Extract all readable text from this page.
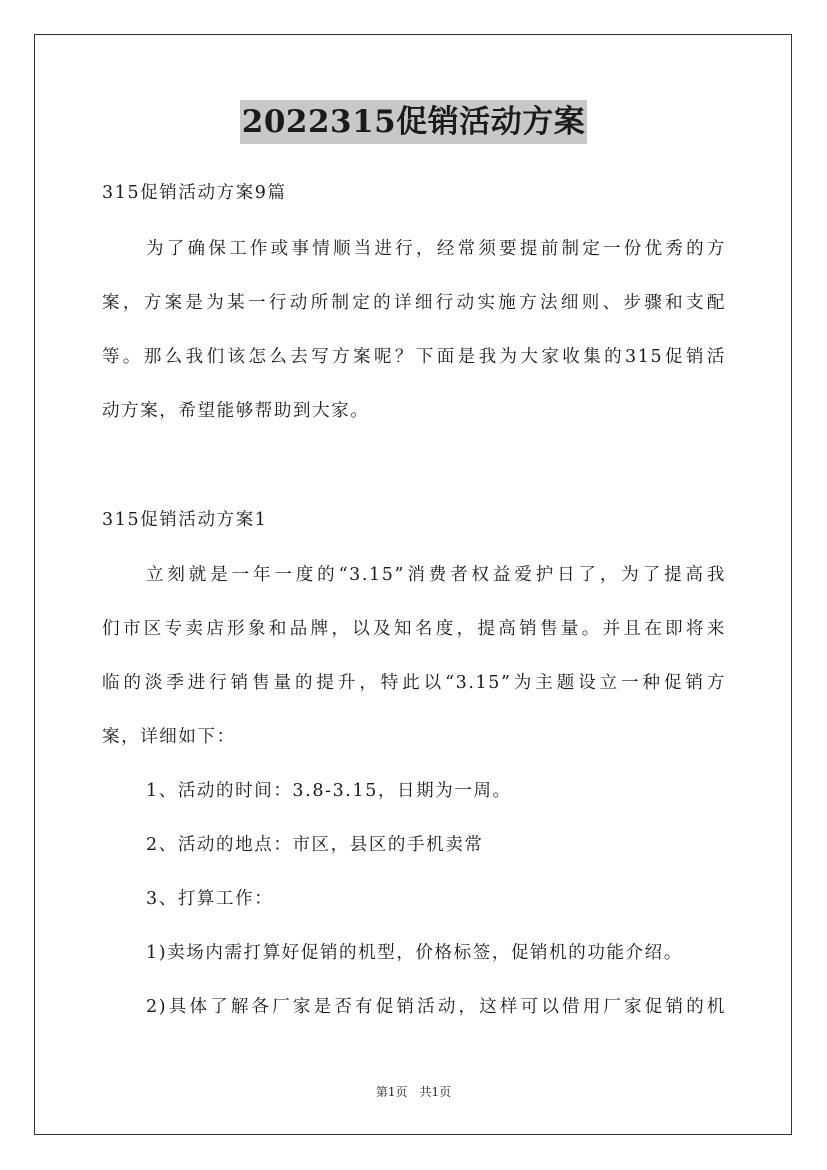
2022315促销活动方案
315促销活动方案9篇
为了确保工作或事情顺当进行，经常须要提前制定一份优秀的方
案，方案是为某一行动所制定的详细行动实施方法细则、步骤和支配
等。那么我们该怎么去写方案呢？下面是我为大家收集的315促销活
动方案，希望能够帮助到大家。
315促销活动方案1
立刻就是一年一度的“3.15”消费者权益爱护日了，为了提高我
们市区专卖店形象和品牌，以及知名度，提高销售量。并且在即将来
临的淡季进行销售量的提升，特此以“3.15”为主题设立一种促销方
案，详细如下：
1、活动的时间：3.8-3.15，日期为一周。
2、活动的地点：市区，县区的手机卖常
3、打算工作：
1)卖场内需打算好促销的机型，价格标签，促销机的功能介绍。
2)具体了解各厂家是否有促销活动，这样可以借用厂家促销的机
第1页　共1页
